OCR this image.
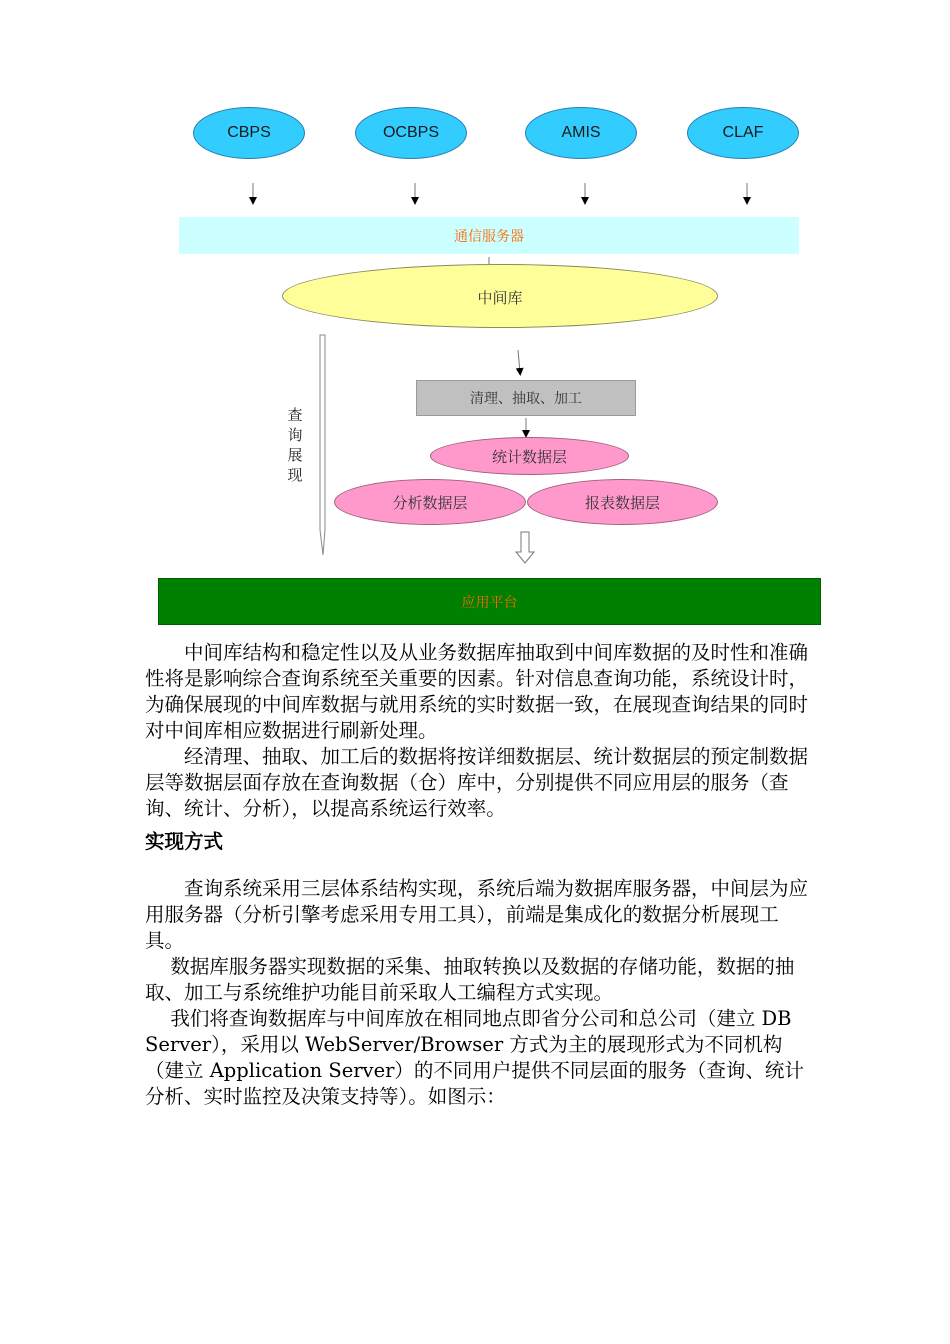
CBPS	OCBPS	AMIS	CLAF
通信服务器
中间库
查
询
展
现
清理、抽取、加工
统计数据层
分析数据层	报表数据层
应用平台

中间库结构和稳定性以及从业务数据库抽取到中间库数据的及时性和准确性将是影响综合查询系统至关重要的因素。针对信息查询功能，系统设计时，为确保展现的中间库数据与就用系统的实时数据一致，在展现查询结果的同时对中间库相应数据进行刷新处理。

经清理、抽取、加工后的数据将按详细数据层、统计数据层的预定制数据层等数据层面存放在查询数据（仓）库中，分别提供不同应用层的服务（查询、统计、分析），以提高系统运行效率。

实现方式

查询系统采用三层体系结构实现，系统后端为数据库服务器，中间层为应用服务器（分析引擎考虑采用专用工具），前端是集成化的数据分析展现工具。

数据库服务器实现数据的采集、抽取转换以及数据的存储功能，数据的抽取、加工与系统维护功能目前采取人工编程方式实现。

我们将查询数据库与中间库放在相同地点即省分公司和总公司（建立 DB Server），采用以 WebServer/Browser 方式为主的展现形式为不同机构（建立 Application Server）的不同用户提供不同层面的服务（查询、统计分析、实时监控及决策支持等）。如图示：
